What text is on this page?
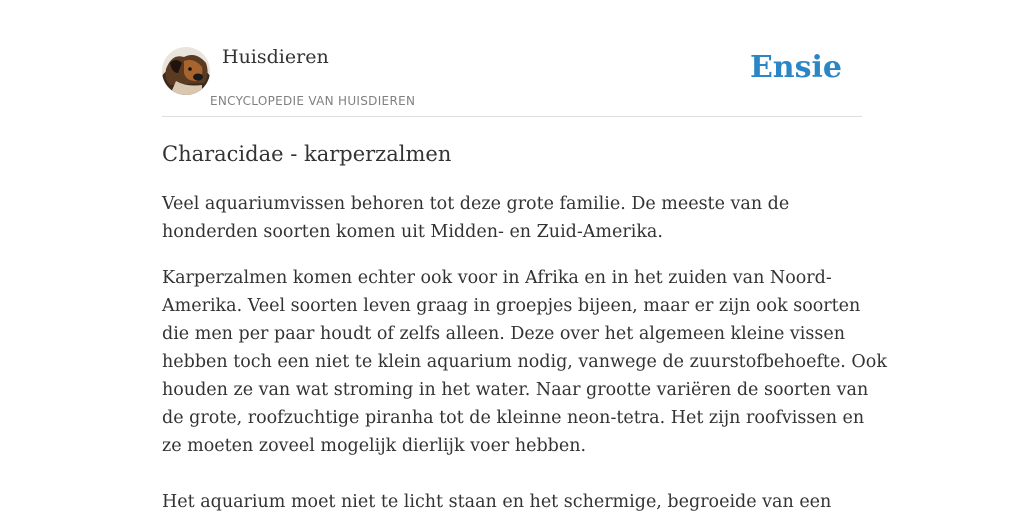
Huisdieren
ENCYCLOPEDIE VAN HUISDIEREN
Ensie
Characidae - karperzalmen

Veel aquariumvissen behoren tot deze grote familie. De meeste van de
honderden soorten komen uit Midden- en Zuid-Amerika.

Karperzalmen komen echter ook voor in Afrika en in het zuiden van Noord-
Amerika. Veel soorten leven graag in groepjes bijeen, maar er zijn ook soorten
die men per paar houdt of zelfs alleen. Deze over het algemeen kleine vissen
hebben toch een niet te klein aquarium nodig, vanwege de zuurstofbehoefte. Ook
houden ze van wat stroming in het water. Naar grootte variëren de soorten van
de grote, roofzuchtige piranha tot de kleinne neon-tetra. Het zijn roofvissen en
ze moeten zoveel mogelijk dierlijk voer hebben.

Het aquarium moet niet te licht staan en het schermige, begroeide van een
